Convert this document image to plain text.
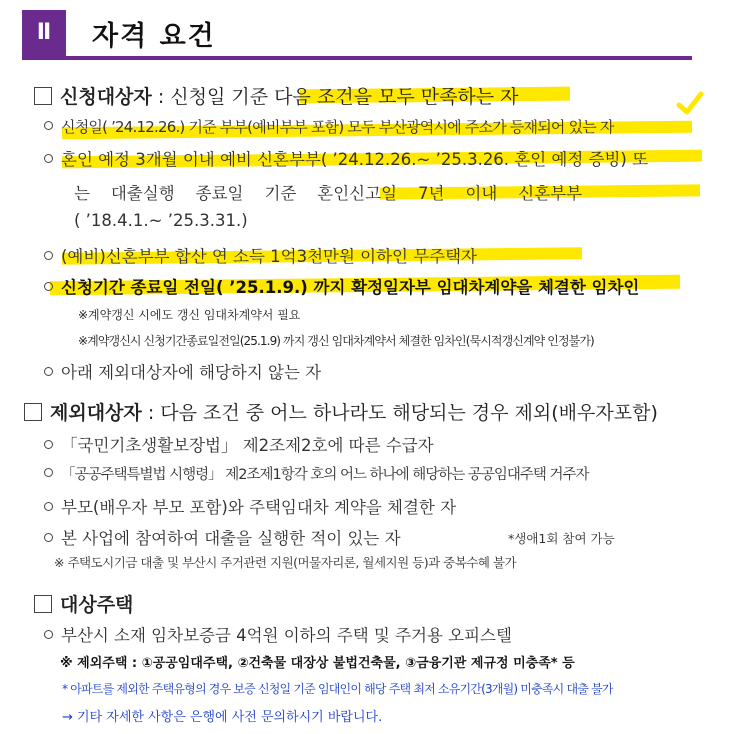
Ⅱ	자격 요건
신청대상자 : 신청일 기준 다음 조건을 모두 만족하는 자
신청일( ’24.12.26.) 기준 부부(예비부부 포함) 모두 부산광역시에 주소가 등재되어 있는 자
혼인 예정 3개월 이내 예비 신혼부부( ’24.12.26.~ ’25.3.26. 혼인 예정 증빙) 또
는    대출실행    종료일    기준    혼인신고일    7년    이내    신혼부부
( ’18.4.1.~ ’25.3.31.)
(예비)신혼부부 합산 연 소득 1억3천만원 이하인 무주택자
신청기간 종료일 전일( ’25.1.9.) 까지 확정일자부 임대차계약을 체결한 임차인
※계약갱신 시에도 갱신 임대차계약서 필요
※계약갱신시 신청기간종료일전일(25.1.9) 까지 갱신 임대차계약서 체결한 임차인(묵시적갱신계약 인정불가)
아래 제외대상자에 해당하지 않는 자
제외대상자 : 다음 조건 중 어느 하나라도 해당되는 경우 제외(배우자포함)
「국민기초생활보장법」 제2조제2호에 따른 수급자
「공공주택특별법 시행령」 제2조제1항각 호의 어느 하나에 해당하는 공공임대주택 거주자
부모(배우자 부모 포함)와 주택임대차 계약을 체결한 자
본 사업에 참여하여 대출을 실행한 적이 있는 자	*생애1회 참여 가능
※ 주택도시기금 대출 및 부산시 주거관련 지원(머물자리론, 월세지원 등)과 중복수혜 불가
대상주택
부산시 소재 임차보증금 4억원 이하의 주택 및 주거용 오피스텔
※ 제외주택 : ①공공임대주택, ②건축물 대장상 불법건축물, ③금융기관 제규정 미충족* 등
* 아파트를 제외한 주택유형의 경우 보증 신청일 기준 임대인이 해당 주택 최저 소유기간(3개월) 미충족시 대출 불가
→ 기타 자세한 사항은 은행에 사전 문의하시기 바랍니다.
